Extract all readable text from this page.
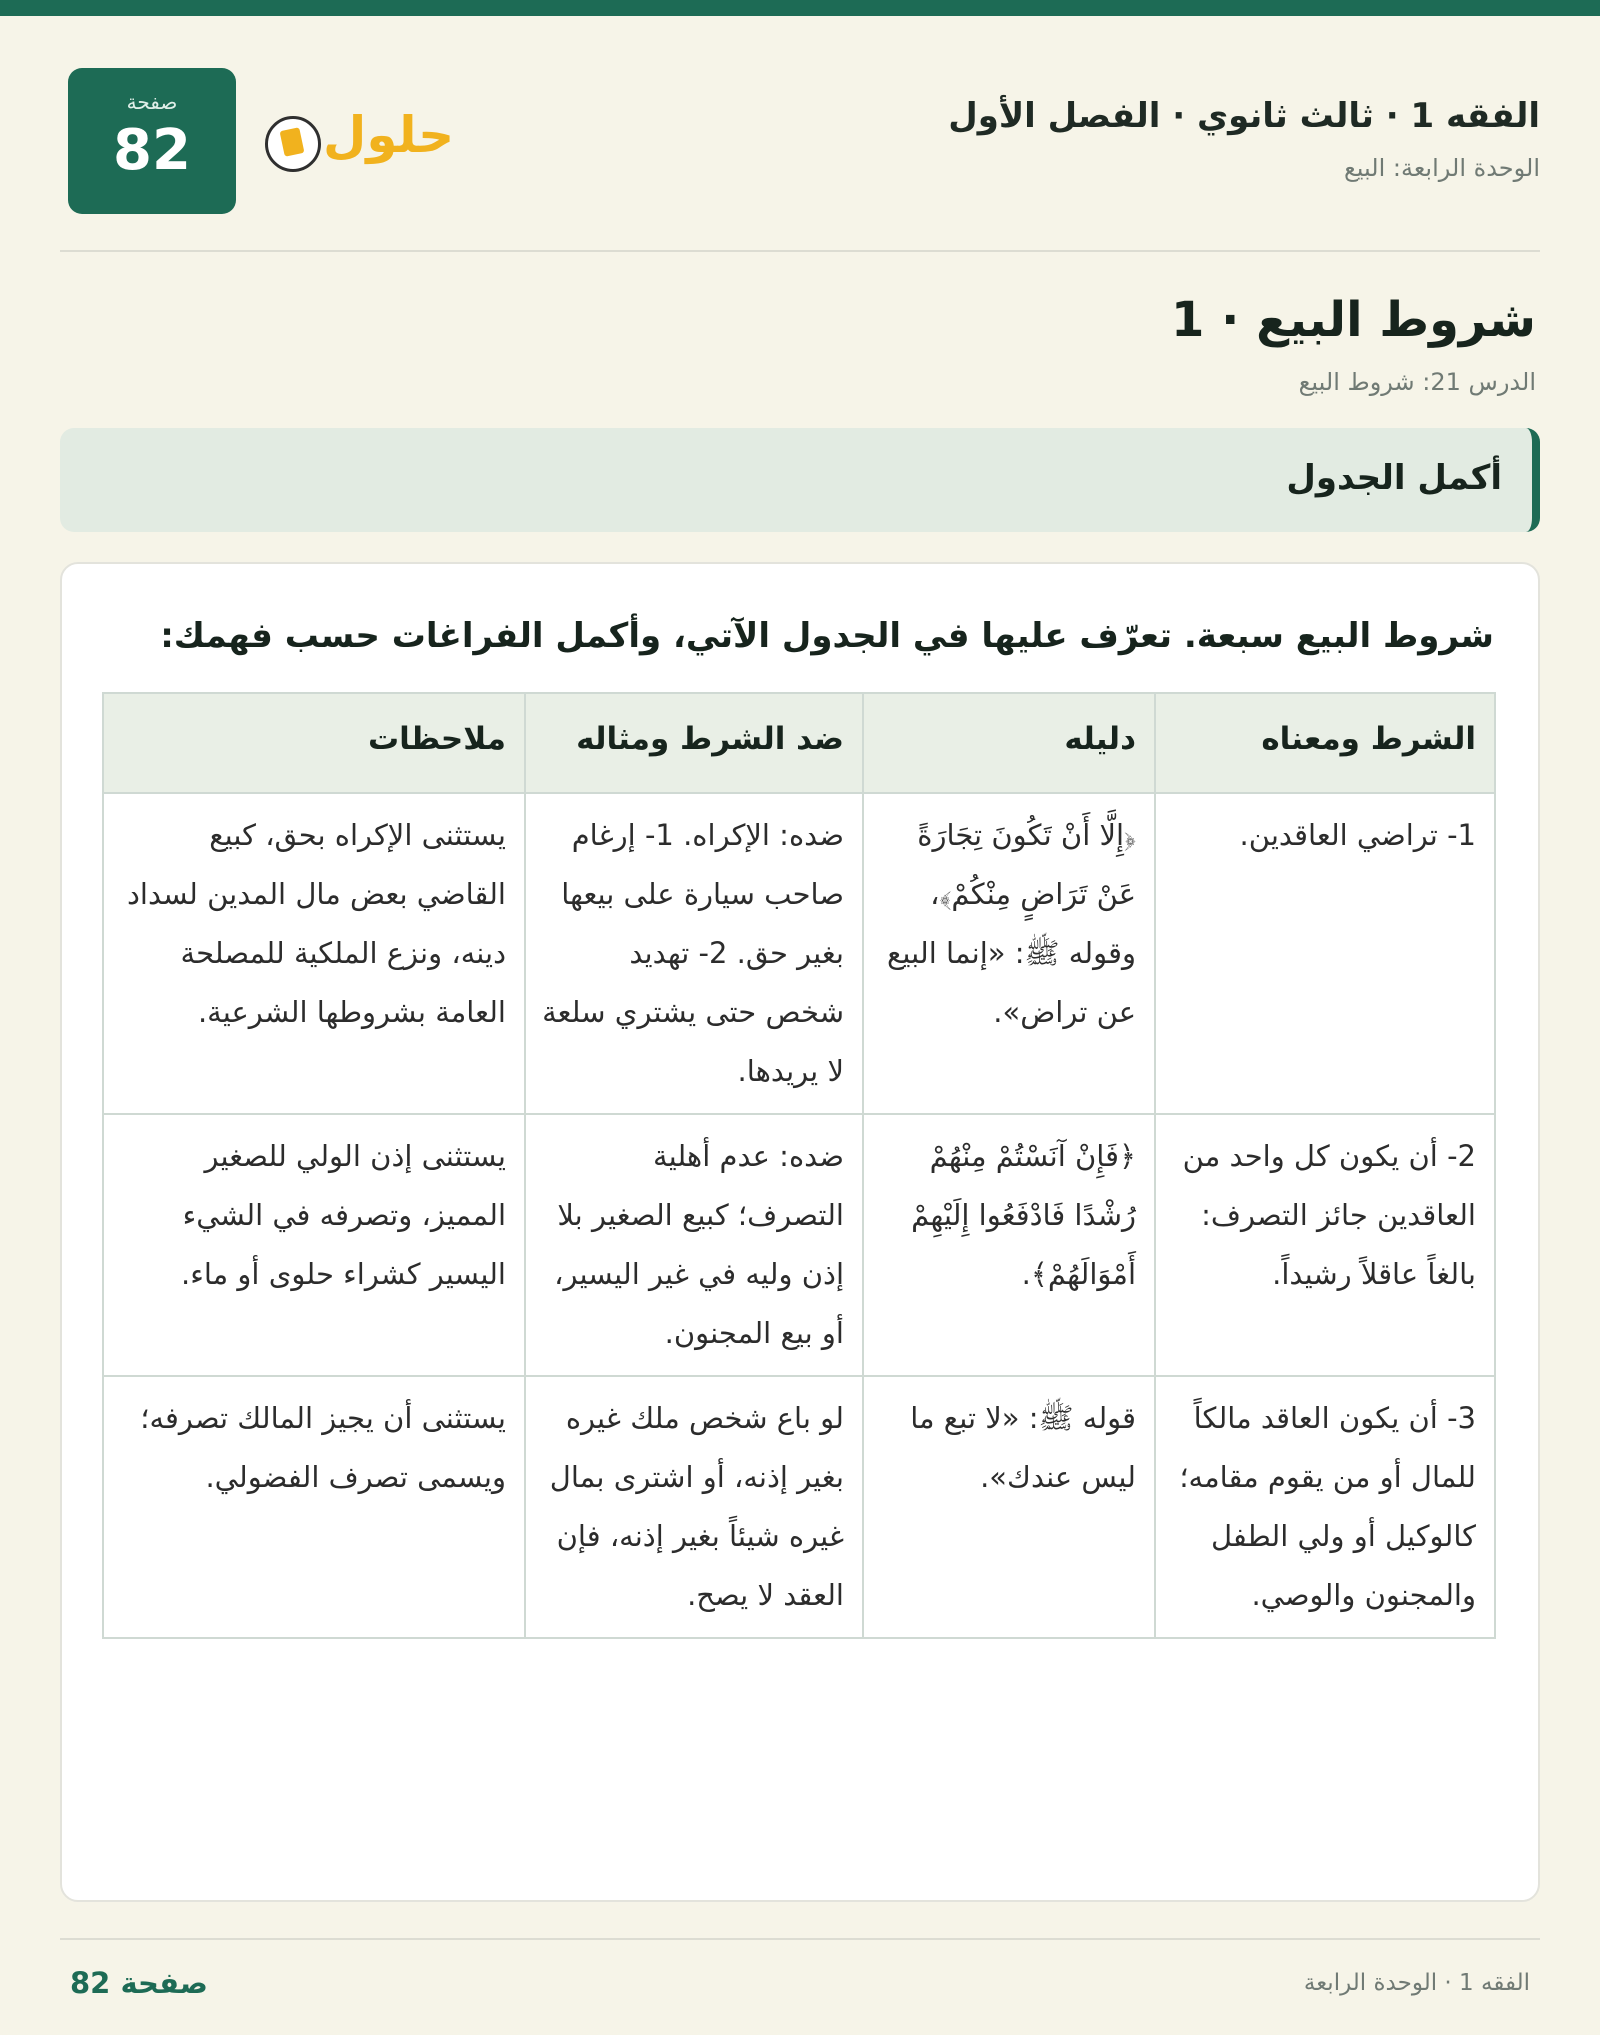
الفقه 1 · ثالث ثانوي · الفصل الأول
الوحدة الرابعة: البيع
صفحة
82	حلول
شروط البيع · 1
الدرس 21: شروط البيع
أكمل الجدول
شروط البيع سبعة. تعرّف عليها في الجدول الآتي، وأكمل الفراغات حسب فهمك:
الشرط ومعناه	دليله	ضد الشرط ومثاله	ملاحظات
1- تراضي العاقدين.	﴿إِلَّا أَنْ تَكُونَ تِجَارَةً عَنْ تَرَاضٍ مِنْكُمْ﴾، وقوله ﷺ: «إنما البيع عن تراض».	ضده: الإكراه. 1- إرغام صاحب سيارة على بيعها بغير حق. 2- تهديد شخص حتى يشتري سلعة لا يريدها.	يستثنى الإكراه بحق، كبيع القاضي بعض مال المدين لسداد دينه، ونزع الملكية للمصلحة العامة بشروطها الشرعية.
2- أن يكون كل واحد من العاقدين جائز التصرف: بالغاً عاقلاً رشيداً.	﴿فَإِنْ آنَسْتُمْ مِنْهُمْ رُشْدًا فَادْفَعُوا إِلَيْهِمْ أَمْوَالَهُمْ﴾.	ضده: عدم أهلية التصرف؛ كبيع الصغير بلا إذن وليه في غير اليسير، أو بيع المجنون.	يستثنى إذن الولي للصغير المميز، وتصرفه في الشيء اليسير كشراء حلوى أو ماء.
3- أن يكون العاقد مالكاً للمال أو من يقوم مقامه؛ كالوكيل أو ولي الطفل والمجنون والوصي.	قوله ﷺ: «لا تبع ما ليس عندك».	لو باع شخص ملك غيره بغير إذنه، أو اشترى بمال غيره شيئاً بغير إذنه، فإن العقد لا يصح.	يستثنى أن يجيز المالك تصرفه؛ ويسمى تصرف الفضولي.
صفحة 82	الفقه 1 · الوحدة الرابعة
